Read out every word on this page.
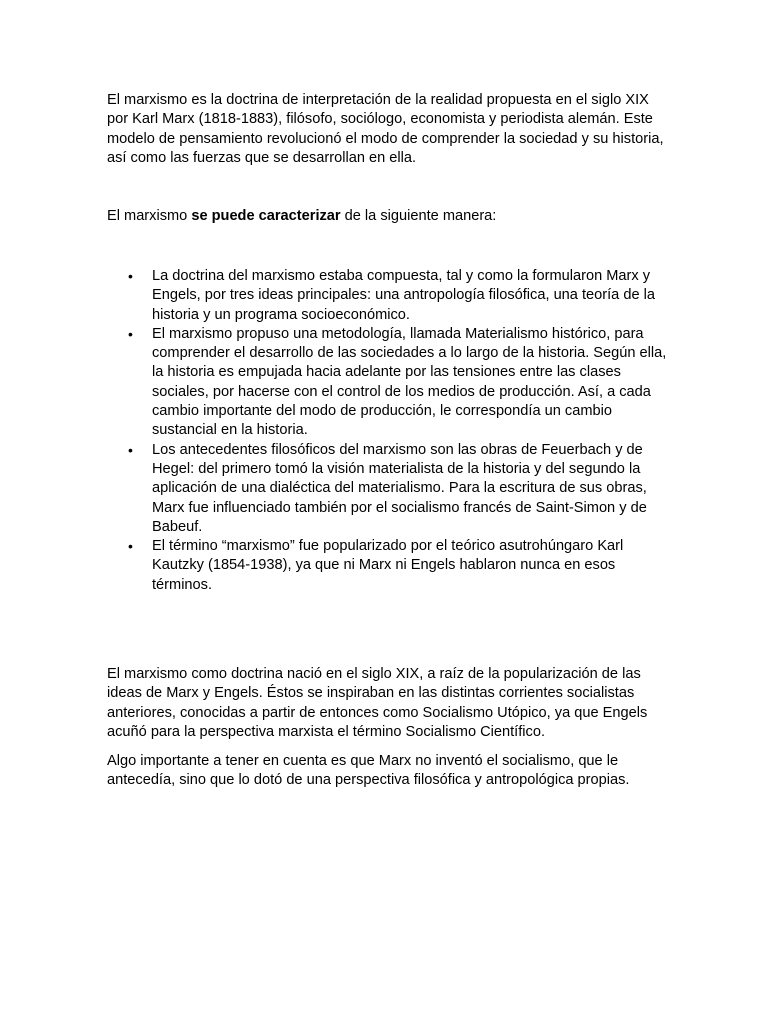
El marxismo es la doctrina de interpretación de la realidad propuesta en el siglo XIX por Karl Marx (1818-1883), filósofo, sociólogo, economista y periodista alemán. Este modelo de pensamiento revolucionó el modo de comprender la sociedad y su historia, así como las fuerzas que se desarrollan en ella.

El marxismo se puede caracterizar de la siguiente manera:

• La doctrina del marxismo estaba compuesta, tal y como la formularon Marx y Engels, por tres ideas principales: una antropología filosófica, una teoría de la historia y un programa socioeconómico.
• El marxismo propuso una metodología, llamada Materialismo histórico, para comprender el desarrollo de las sociedades a lo largo de la historia. Según ella, la historia es empujada hacia adelante por las tensiones entre las clases sociales, por hacerse con el control de los medios de producción. Así, a cada cambio importante del modo de producción, le correspondía un cambio sustancial en la historia.
• Los antecedentes filosóficos del marxismo son las obras de Feuerbach y de Hegel: del primero tomó la visión materialista de la historia y del segundo la aplicación de una dialéctica del materialismo. Para la escritura de sus obras, Marx fue influenciado también por el socialismo francés de Saint-Simon y de Babeuf.
• El término “marxismo” fue popularizado por el teórico asutrohúngaro Karl Kautzky (1854-1938), ya que ni Marx ni Engels hablaron nunca en esos términos.

El marxismo como doctrina nació en el siglo XIX, a raíz de la popularización de las ideas de Marx y Engels. Éstos se inspiraban en las distintas corrientes socialistas anteriores, conocidas a partir de entonces como Socialismo Utópico, ya que Engels acuñó para la perspectiva marxista el término Socialismo Científico.

Algo importante a tener en cuenta es que Marx no inventó el socialismo, que le antecedía, sino que lo dotó de una perspectiva filosófica y antropológica propias.
